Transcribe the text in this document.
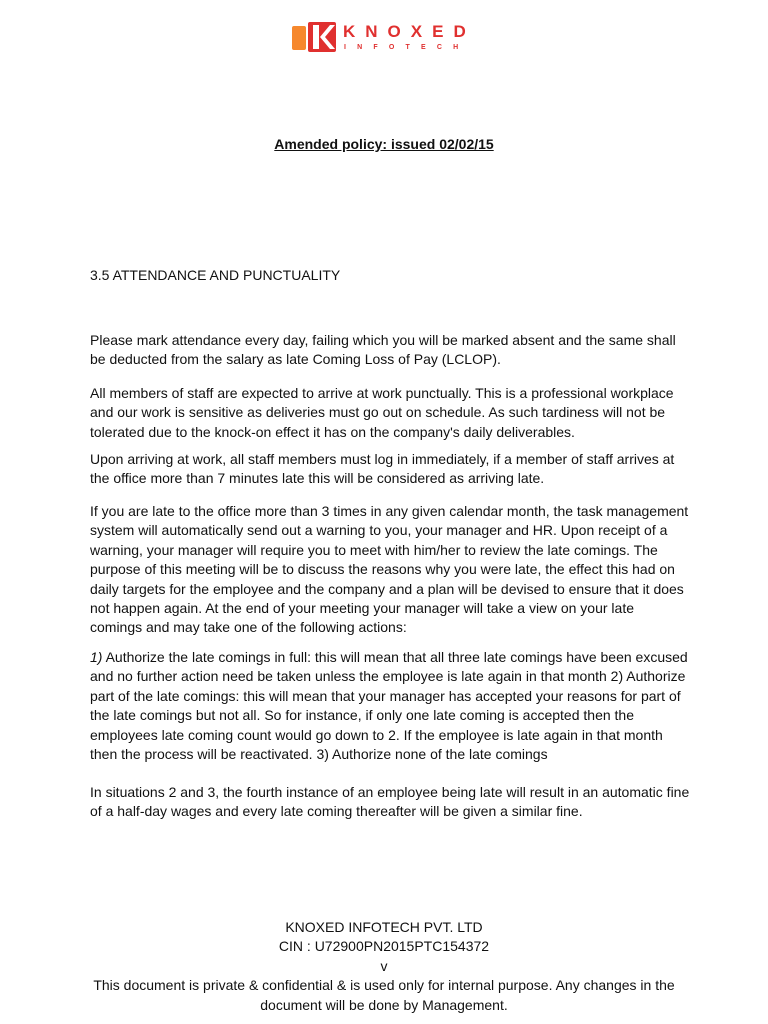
KNOXED
INFOTECH
Amended policy: issued 02/02/15
3.5 ATTENDANCE AND PUNCTUALITY

Please mark attendance every day, failing which you will be marked absent and the same shall be deducted from the salary as late Coming Loss of Pay (LCLOP).

All members of staff are expected to arrive at work punctually. This is a professional workplace and our work is sensitive as deliveries must go out on schedule. As such tardiness will not be tolerated due to the knock-on effect it has on the company's daily deliverables.

Upon arriving at work, all staff members must log in immediately, if a member of staff arrives at the office more than 7 minutes late this will be considered as arriving late.

If you are late to the office more than 3 times in any given calendar month, the task management system will automatically send out a warning to you, your manager and HR. Upon receipt of a warning, your manager will require you to meet with him/her to review the late comings. The purpose of this meeting will be to discuss the reasons why you were late, the effect this had on daily targets for the employee and the company and a plan will be devised to ensure that it does not happen again. At the end of your meeting your manager will take a view on your late comings and may take one of the following actions:

1) Authorize the late comings in full: this will mean that all three late comings have been excused and no further action need be taken unless the employee is late again in that month 2) Authorize part of the late comings: this will mean that your manager has accepted your reasons for part of the late comings but not all. So for instance, if only one late coming is accepted then the employees late coming count would go down to 2. If the employee is late again in that month then the process will be reactivated. 3) Authorize none of the late comings

In situations 2 and 3, the fourth instance of an employee being late will result in an automatic fine of a half-day wages and every late coming thereafter will be given a similar fine.

KNOXED INFOTECH PVT. LTD
CIN : U72900PN2015PTC154372
v
This document is private & confidential & is used only for internal purpose. Any changes in the document will be done by Management.
